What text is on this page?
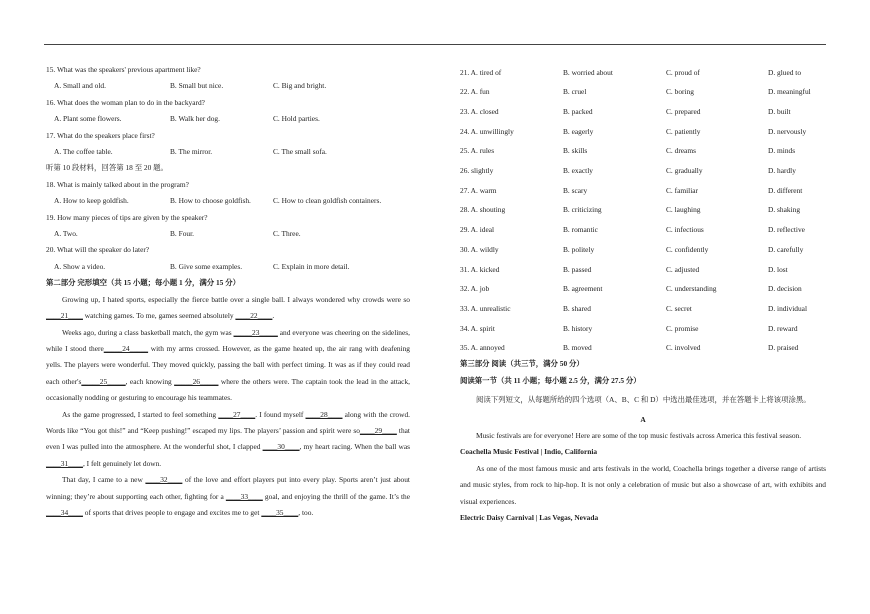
15. What was the speakers' previous apartment like?
A. Small and old.	B. Small but nice.	C. Big and bright.
16. What does the woman plan to do in the backyard?
A. Plant some flowers.	B. Walk her dog.	C. Hold parties.
17. What do the speakers place first?
A. The coffee table.	B. The mirror.	C. The small sofa.
听第 10 段材料，回答第 18 至 20 题。
18. What is mainly talked about in the program?
A. How to keep goldfish.	B. How to choose goldfish.	C. How to clean goldfish containers.
19. How many pieces of tips are given by the speaker?
A. Two.	B. Four.	C. Three.
20. What will the speaker do later?
A. Show a video.	B. Give some examples.	C. Explain in more detail.
第二部分 完形填空（共 15 小题；每小题 1 分，满分 15 分）
Growing up, I hated sports, especially the fierce battle over a single ball. I always wondered why crowds were so ____21____ watching games. To me, games seemed absolutely ____22____.
Weeks ago, during a class basketball match, the gym was _____23_____ and everyone was cheering on the sidelines, while I stood there_____24_____ with my arms crossed. However, as the game heated up, the air rang with deafening yells. The players were wonderful. They moved quickly, passing the ball with perfect timing. It was as if they could read each other's_____25_____, each knowing _____26_____ where the others were. The captain took the lead in the attack, occasionally nodding or gesturing to encourage his teammates.
As the game progressed, I started to feel something ____27____. I found myself ____28____ along with the crowd. Words like “You got this!” and “Keep pushing!” escaped my lips. The players’ passion and spirit were so____29____ that even I was pulled into the atmosphere. At the wonderful shot, I clapped ____30____, my heart racing. When the ball was ____31____, I felt genuinely let down.
That day, I came to a new ____32____ of the love and effort players put into every play. Sports aren’t just about winning; they’re about supporting each other, fighting for a ____33____ goal, and enjoying the thrill of the game. It’s the ____34____ of sports that drives people to engage and excites me to get ____35____, too.
21. A. tired of	B. worried about	C. proud of	D. glued to
22. A. fun	B. cruel	C. boring	D. meaningful
23. A. closed	B. packed	C. prepared	D. built
24. A. unwillingly	B. eagerly	C. patiently	D. nervously
25. A. rules	B. skills	C. dreams	D. minds
26. slightly	B. exactly	C. gradually	D. hardly
27. A. warm	B. scary	C. familiar	D. different
28. A. shouting	B. criticizing	C. laughing	D. shaking
29. A. ideal	B. romantic	C. infectious	D. reflective
30. A. wildly	B. politely	C. confidently	D. carefully
31. A. kicked	B. passed	C. adjusted	D. lost
32. A. job	B. agreement	C. understanding	D. decision
33. A. unrealistic	B. shared	C. secret	D. individual
34. A. spirit	B. history	C. promise	D. reward
35. A. annoyed	B. moved	C. involved	D. praised
第三部分 阅读（共三节，满分 50 分）
阅读第一节（共 11 小题；每小题 2.5 分，满分 27.5 分）
阅读下列短文，从每题所给的四个选项（A、B、C 和 D）中选出最佳选项，并在答题卡上将该项涂黑。
A
Music festivals are for everyone! Here are some of the top music festivals across America this festival season.
Coachella Music Festival | Indio, California
As one of the most famous music and arts festivals in the world, Coachella brings together a diverse range of artists and music styles, from rock to hip-hop. It is not only a celebration of music but also a showcase of art, with exhibits and visual experiences.
Electric Daisy Carnival | Las Vegas, Nevada
